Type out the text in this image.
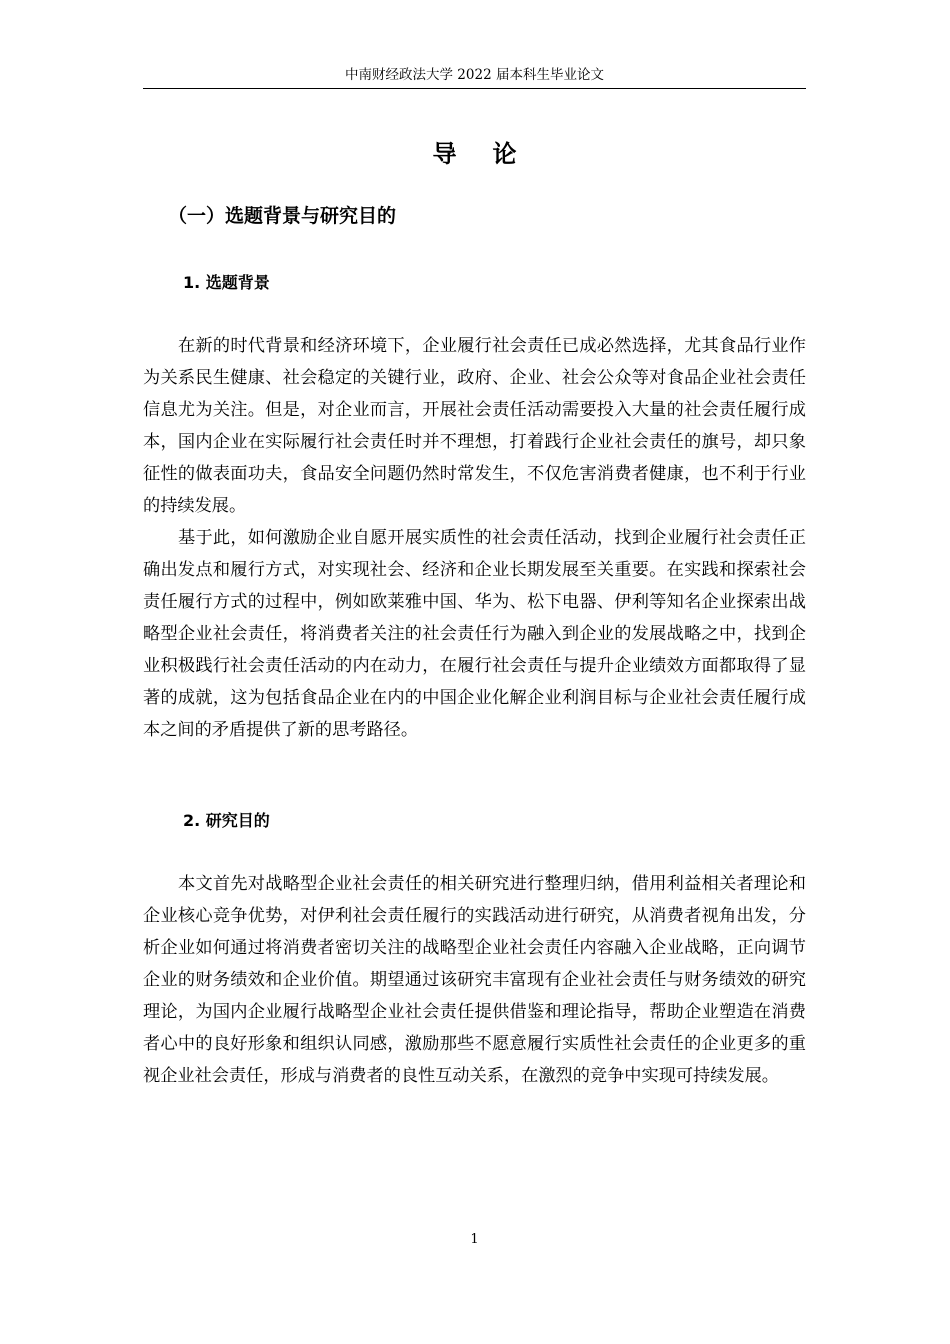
中南财经政法大学 2022 届本科生毕业论文
导论
（一）选题背景与研究目的
1. 选题背景

在新的时代背景和经济环境下，企业履行社会责任已成必然选择，尤其食品行业作为关系民生健康、社会稳定的关键行业，政府、企业、社会公众等对食品企业社会责任信息尤为关注。但是，对企业而言，开展社会责任活动需要投入大量的社会责任履行成本，国内企业在实际履行社会责任时并不理想，打着践行企业社会责任的旗号，却只象征性的做表面功夫，食品安全问题仍然时常发生，不仅危害消费者健康，也不利于行业的持续发展。

基于此，如何激励企业自愿开展实质性的社会责任活动，找到企业履行社会责任正确出发点和履行方式，对实现社会、经济和企业长期发展至关重要。在实践和探索社会责任履行方式的过程中，例如欧莱雅中国、华为、松下电器、伊利等知名企业探索出战略型企业社会责任，将消费者关注的社会责任行为融入到企业的发展战略之中，找到企业积极践行社会责任活动的内在动力，在履行社会责任与提升企业绩效方面都取得了显著的成就，这为包括食品企业在内的中国企业化解企业利润目标与企业社会责任履行成本之间的矛盾提供了新的思考路径。

2. 研究目的

本文首先对战略型企业社会责任的相关研究进行整理归纳，借用利益相关者理论和企业核心竞争优势，对伊利社会责任履行的实践活动进行研究，从消费者视角出发，分析企业如何通过将消费者密切关注的战略型企业社会责任内容融入企业战略，正向调节企业的财务绩效和企业价值。期望通过该研究丰富现有企业社会责任与财务绩效的研究理论，为国内企业履行战略型企业社会责任提供借鉴和理论指导，帮助企业塑造在消费者心中的良好形象和组织认同感，激励那些不愿意履行实质性社会责任的企业更多的重视企业社会责任，形成与消费者的良性互动关系，在激烈的竞争中实现可持续发展。

1
